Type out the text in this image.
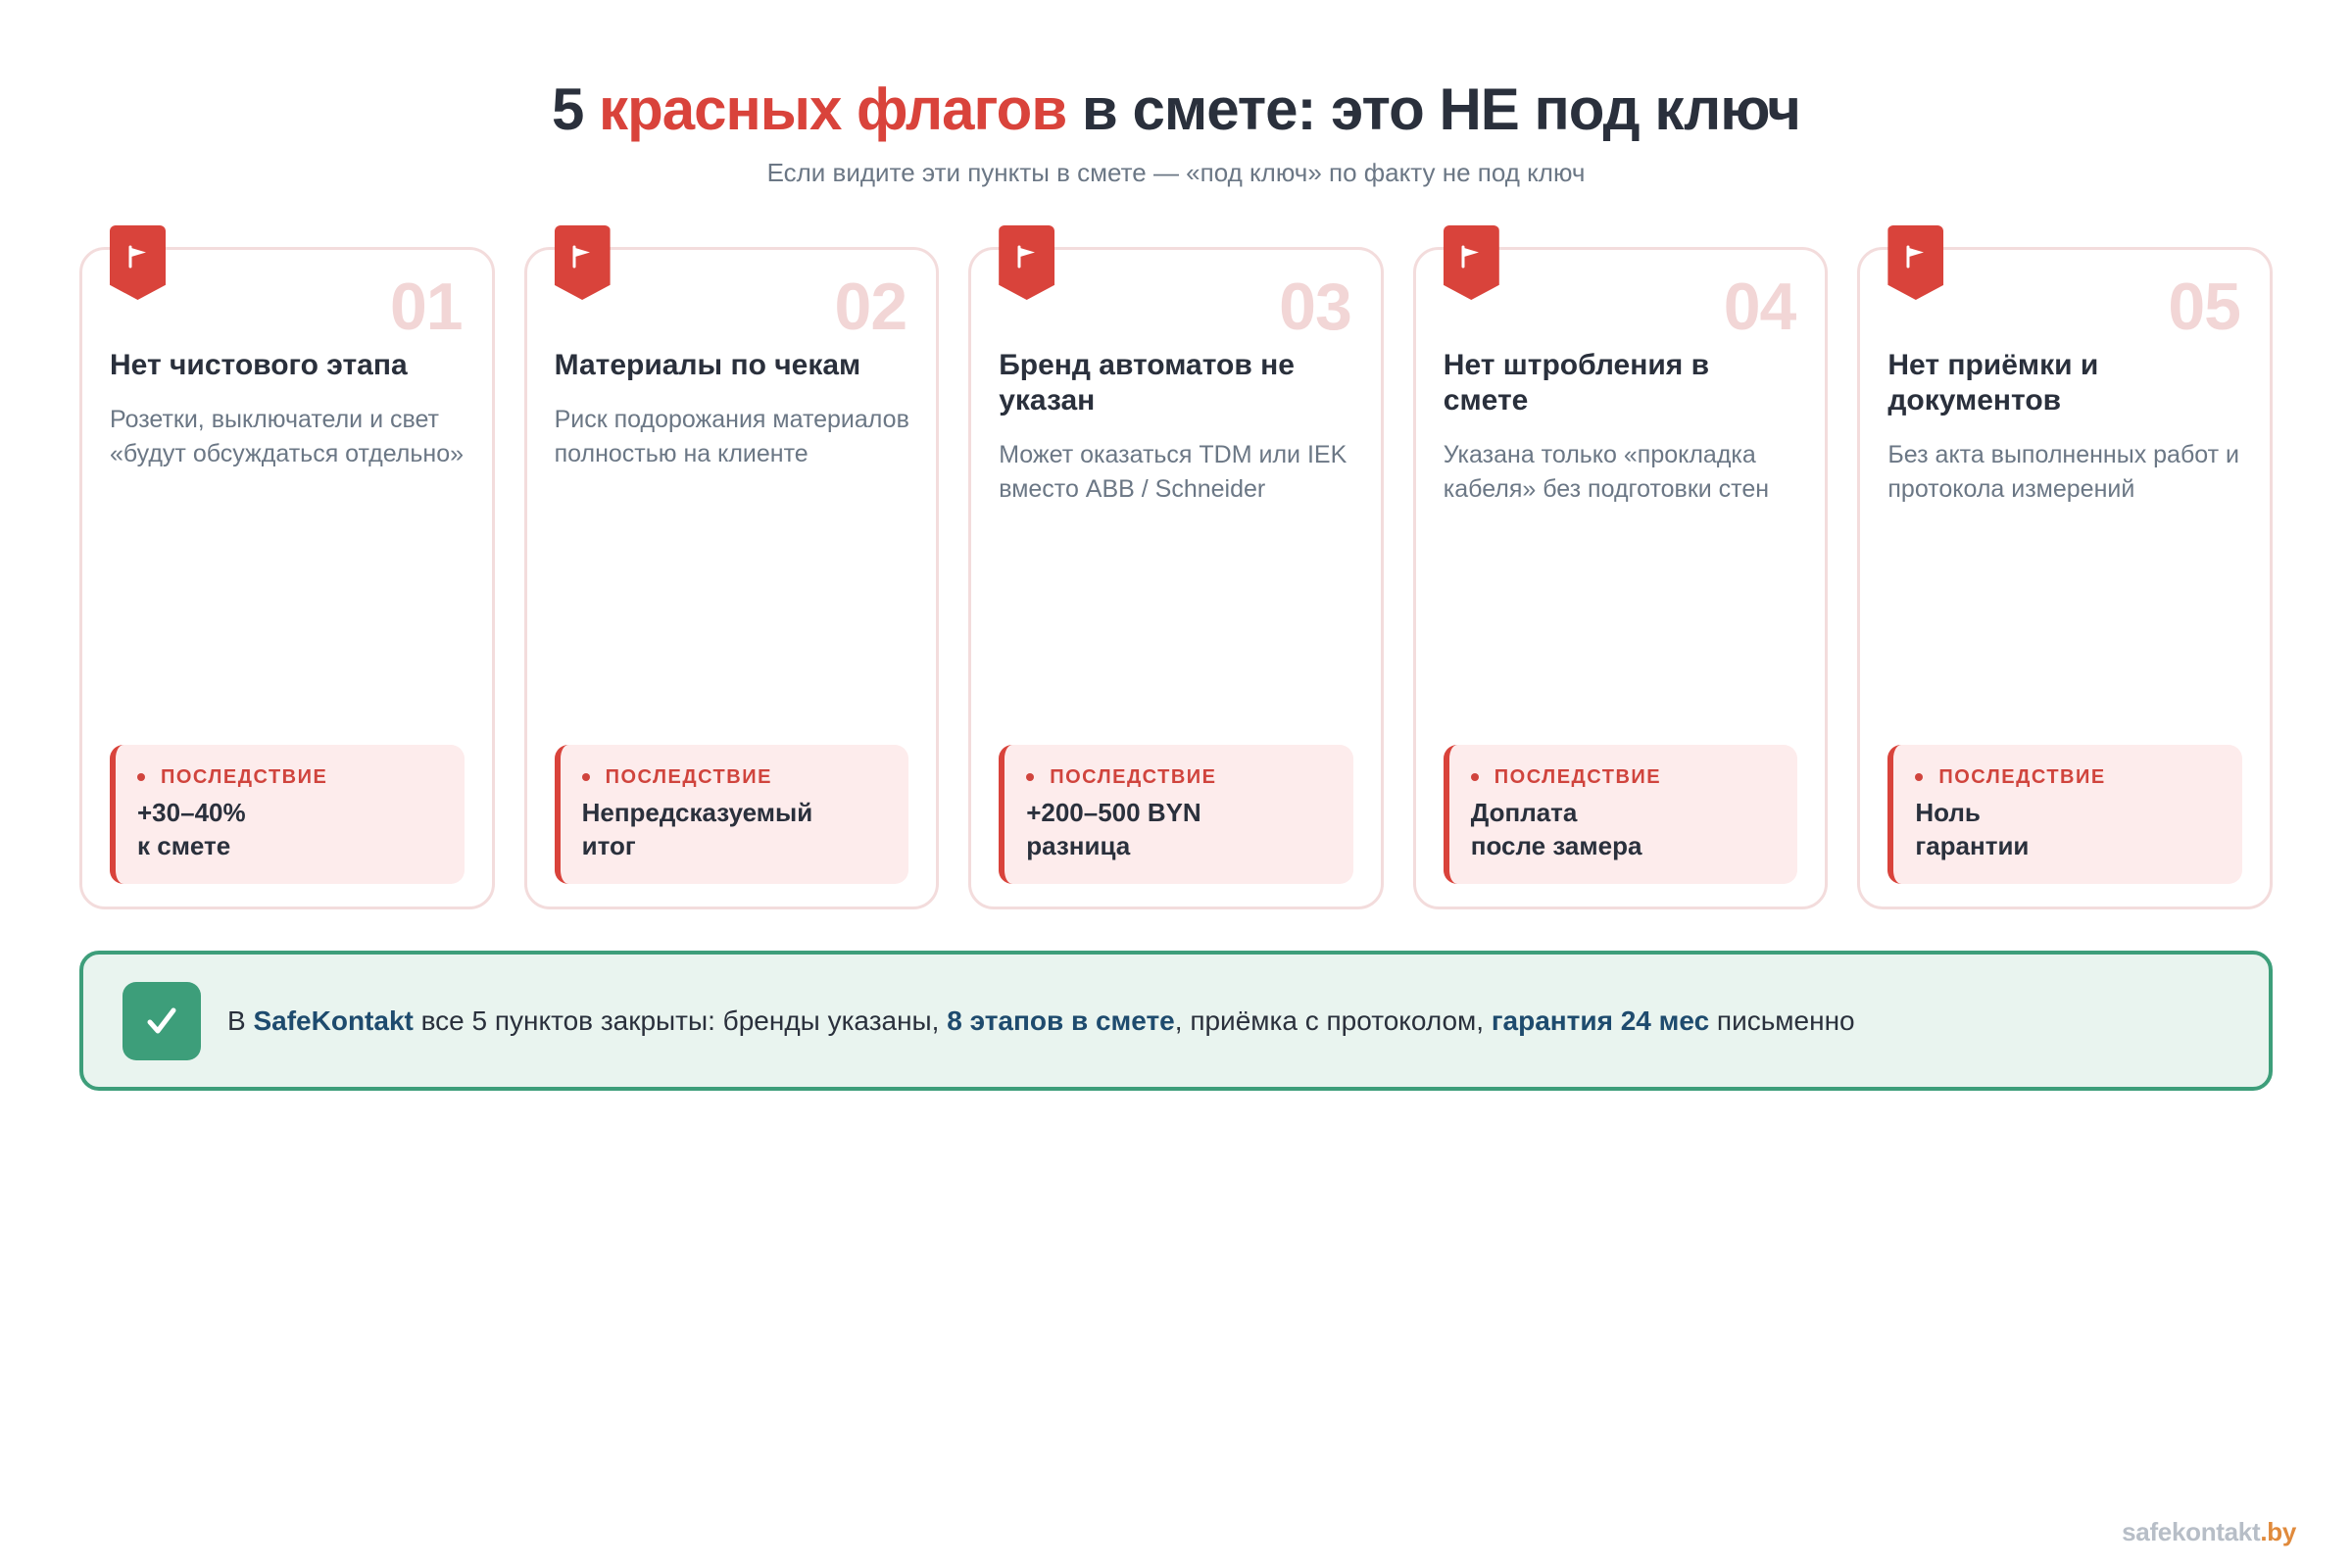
5 красных флагов в смете: это НЕ под ключ
Если видите эти пункты в смете — «под ключ» по факту не под ключ
01
Нет чистового этапа
Розетки, выключатели и свет «будут обсуждаться отдельно»
ПОСЛЕДСТВИЕ
+30–40%
к смете
02
Материалы по чекам
Риск подорожания материалов полностью на клиенте
ПОСЛЕДСТВИЕ
Непредсказуемый
итог
03
Бренд автоматов не указан
Может оказаться TDM или IEK вместо ABB / Schneider
ПОСЛЕДСТВИЕ
+200–500 BYN
разница
04
Нет штробления в смете
Указана только «прокладка кабеля» без подготовки стен
ПОСЛЕДСТВИЕ
Доплата
после замера
05
Нет приёмки и документов
Без акта выполненных работ и протокола измерений
ПОСЛЕДСТВИЕ
Ноль
гарантии
В SafeKontakt все 5 пунктов закрыты: бренды указаны, 8 этапов в смете, приёмка с протоколом, гарантия 24 мес письменно
safekontakt.by
